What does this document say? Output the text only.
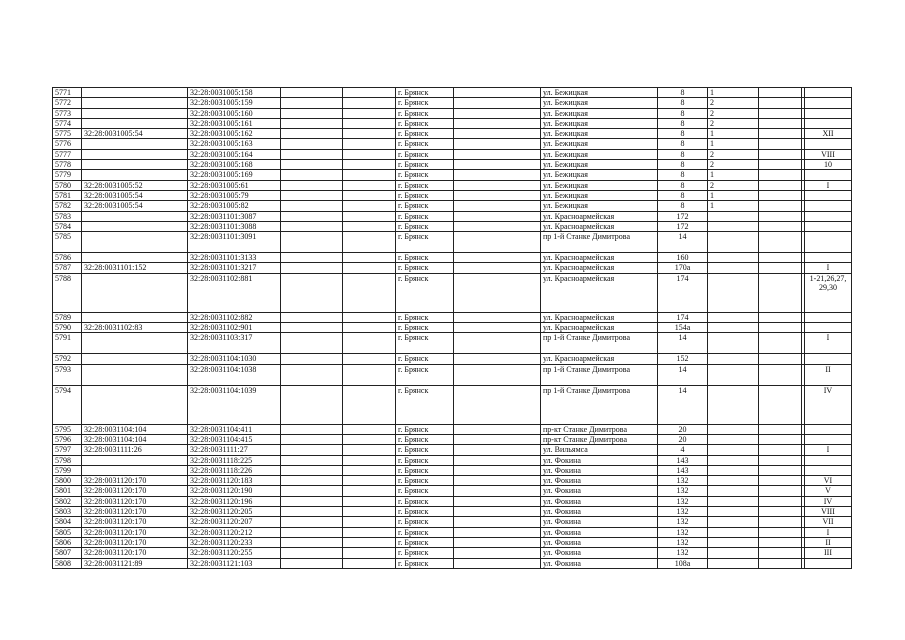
5771		32:28:0031005:158			г. Брянск		ул. Бежицкая	8	1			
5772		32:28:0031005:159			г. Брянск		ул. Бежицкая	8	2			
5773		32:28:0031005:160			г. Брянск		ул. Бежицкая	8	2			
5774		32:28:0031005:161			г. Брянск		ул. Бежицкая	8	2			
5775	32:28:0031005:54	32:28:0031005:162			г. Брянск		ул. Бежицкая	8	1			XII
5776		32:28:0031005:163			г. Брянск		ул. Бежицкая	8	1			
5777		32:28:0031005:164			г. Брянск		ул. Бежицкая	8	2			VIII
5778		32:28:0031005:168			г. Брянск		ул. Бежицкая	8	2			10
5779		32:28:0031005:169			г. Брянск		ул. Бежицкая	8	1			
5780	32:28:0031005:52	32:28:0031005:61			г. Брянск		ул. Бежицкая	8	2			I
5781	32:28:0031005:54	32:28:0031005:79			г. Брянск		ул. Бежицкая	8	1			
5782	32:28:0031005:54	32:28:0031005:82			г. Брянск		ул. Бежицкая	8	1			
5783		32:28:0031101:3087			г. Брянск		ул. Красноармейская	172				
5784		32:28:0031101:3088			г. Брянск		ул. Красноармейская	172				
5785		32:28:0031101:3091			г. Брянск		пр 1-й Станке Димитрова	14				
5786		32:28:0031101:3133			г. Брянск		ул. Красноармейская	160				
5787	32:28:0031101:152	32:28:0031101:3217			г. Брянск		ул. Красноармейская	170а				I
5788		32:28:0031102:881			г. Брянск		ул. Красноармейская	174				1-21,26,27, 29,30
5789		32:28:0031102:882			г. Брянск		ул. Красноармейская	174				
5790	32:28:0031102:83	32:28:0031102:901			г. Брянск		ул. Красноармейская	154а				
5791		32:28:0031103:317			г. Брянск		пр 1-й Станке Димитрова	14				I
5792		32:28:0031104:1030			г. Брянск		ул. Красноармейская	152				
5793		32:28:0031104:1038			г. Брянск		пр 1-й Станке Димитрова	14				II
5794		32:28:0031104:1039			г. Брянск		пр 1-й Станке Димитрова	14				IV
5795	32:28:0031104:104	32:28:0031104:411			г. Брянск		пр-кт Станке Димитрова	20				
5796	32:28:0031104:104	32:28:0031104:415			г. Брянск		пр-кт Станке Димитрова	20				
5797	32:28:0031111:26	32:28:0031111:27			г. Брянск		ул. Вильямса	4				I
5798		32:28:0031118:225			г. Брянск		ул. Фокина	143				
5799		32:28:0031118:226			г. Брянск		ул. Фокина	143				
5800	32:28:0031120:170	32:28:0031120:183			г. Брянск		ул. Фокина	132				VI
5801	32:28:0031120:170	32:28:0031120:190			г. Брянск		ул. Фокина	132				V
5802	32:28:0031120:170	32:28:0031120:196			г. Брянск		ул. Фокина	132				IV
5803	32:28:0031120:170	32:28:0031120:205			г. Брянск		ул. Фокина	132				VIII
5804	32:28:0031120:170	32:28:0031120:207			г. Брянск		ул. Фокина	132				VII
5805	32:28:0031120:170	32:28:0031120:212			г. Брянск		ул. Фокина	132				I
5806	32:28:0031120:170	32:28:0031120:233			г. Брянск		ул. Фокина	132				II
5807	32:28:0031120:170	32:28:0031120:255			г. Брянск		ул. Фокина	132				III
5808	32:28:0031121:89	32:28:0031121:103			г. Брянск		ул. Фокина	108а				
